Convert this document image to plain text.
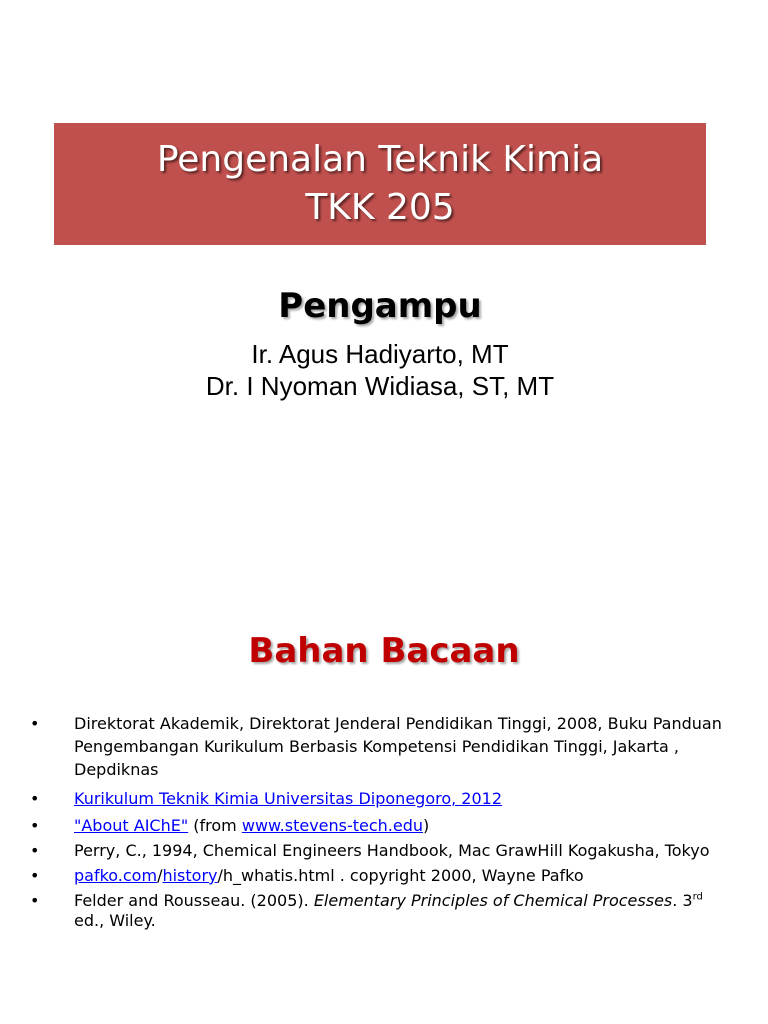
Pengenalan Teknik Kimia
TKK 205
Pengampu
Ir. Agus Hadiyarto, MT
Dr. I Nyoman Widiasa, ST, MT
Bahan Bacaan
•	Direktorat Akademik, Direktorat Jenderal Pendidikan Tinggi, 2008, Buku Panduan Pengembangan Kurikulum Berbasis Kompetensi Pendidikan Tinggi, Jakarta , Depdiknas
•	Kurikulum Teknik Kimia Universitas Diponegoro, 2012
•	"About AIChE" (from www.stevens-tech.edu)
•	Perry, C., 1994, Chemical Engineers Handbook, Mac GrawHill Kogakusha, Tokyo
•	pafko.com/history/h_whatis.html . copyright 2000, Wayne Pafko
•	Felder and Rousseau. (2005). Elementary Principles of Chemical Processes. 3rd ed., Wiley.
